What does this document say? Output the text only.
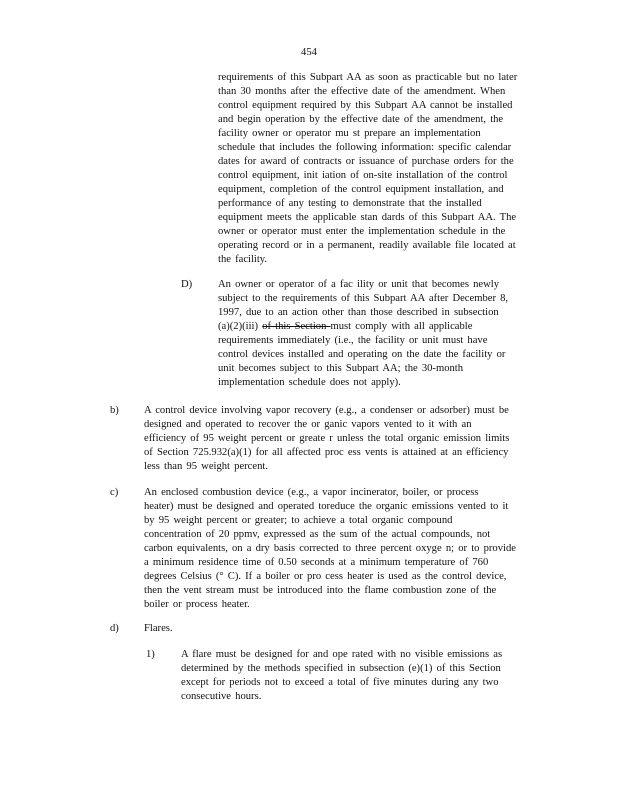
454
requirements of this Subpart AA as soon as practicable but no later
than 30 months after the effective date of the amendment. When
control equipment required by this Subpart AA cannot be installed
and begin operation by the effective date of the amendment, the
facility owner or operator mu st prepare an implementation
schedule that includes the following information: specific calendar
dates for award of contracts or issuance of purchase orders for the
control equipment, init iation of on-site installation of the control
equipment, completion of the control equipment installation, and
performance of any testing to demonstrate that the installed
equipment meets the applicable stan dards of this Subpart AA. The
owner or operator must enter the implementation schedule in the
operating record or in a permanent, readily available file located at
the facility.
D) An owner or operator of a fac ility or unit that becomes newly
subject to the requirements of this Subpart AA after December 8,
1997, due to an action other than those described in subsection
(a)(2)(iii) of this Section must comply with all applicable
requirements immediately (i.e., the facility or unit must have
control devices installed and operating on the date the facility or
unit becomes subject to this Subpart AA; the 30-month
implementation schedule does not apply).
b) A control device involving vapor recovery (e.g., a condenser or adsorber) must be
designed and operated to recover the or ganic vapors vented to it with an
efficiency of 95 weight percent or greate r unless the total organic emission limits
of Section 725.932(a)(1) for all affected proc ess vents is attained at an efficiency
less than 95 weight percent.
c) An enclosed combustion device (e.g., a vapor incinerator, boiler, or process
heater) must be designed and operated toreduce the organic emissions vented to it
by 95 weight percent or greater; to achieve a total organic compound
concentration of 20 ppmv, expressed as the sum of the actual compounds, not
carbon equivalents, on a dry basis corrected to three percent oxyge n; or to provide
a minimum residence time of 0.50 seconds at a minimum temperature of 760
degrees Celsius (° C). If a boiler or pro cess heater is used as the control device,
then the vent stream must be introduced into the flame combustion zone of the
boiler or process heater.
d) Flares.
1) A flare must be designed for and ope rated with no visible emissions as
determined by the methods specified in subsection (e)(1) of this Section
except for periods not to exceed a total of five minutes during any two
consecutive hours.
